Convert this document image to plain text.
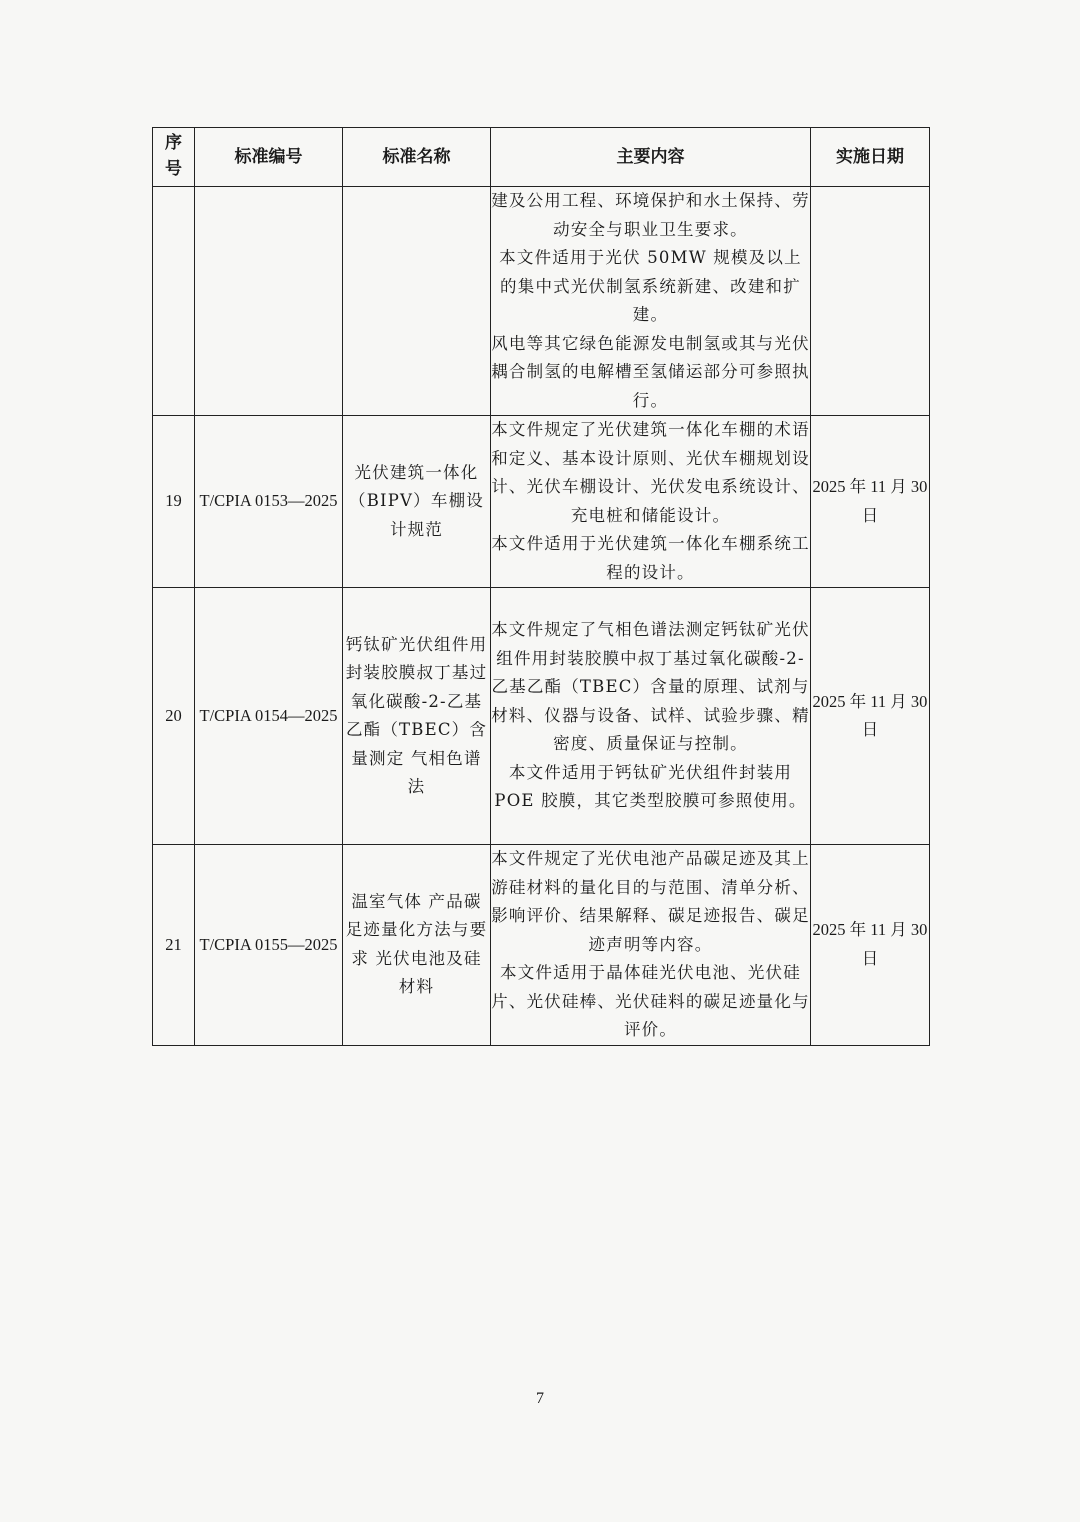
序号	标准编号	标准名称	主要内容	实施日期

			建及公用工程、环境保护和水土保持、劳动安全与职业卫生要求。

本文件适用于光伏 50MW 规模及以上的集中式光伏制氢系统新建、改建和扩建。

风电等其它绿色能源发电制氢或其与光伏耦合制氢的电解槽至氢储运部分可参照执行。	

19	T/CPIA 0153—2025	光伏建筑一体化（BIPV）车棚设计规范	本文件规定了光伏建筑一体化车棚的术语和定义、基本设计原则、光伏车棚规划设计、光伏车棚设计、光伏发电系统设计、充电桩和储能设计。

本文件适用于光伏建筑一体化车棚系统工程的设计。	2025 年 11 月 30 日
20	T/CPIA 0154—2025	钙钛矿光伏组件用封装胶膜叔丁基过氧化碳酸-2-乙基乙酯（TBEC）含量测定 气相色谱法	本文件规定了气相色谱法测定钙钛矿光伏组件用封装胶膜中叔丁基过氧化碳酸-2-乙基乙酯（TBEC）含量的原理、试剂与材料、仪器与设备、试样、试验步骤、精密度、质量保证与控制。

本文件适用于钙钛矿光伏组件封装用 POE 胶膜，其它类型胶膜可参照使用。	2025 年 11 月 30 日
21	T/CPIA 0155—2025	温室气体 产品碳足迹量化方法与要求 光伏电池及硅材料	本文件规定了光伏电池产品碳足迹及其上游硅材料的量化目的与范围、清单分析、影响评价、结果解释、碳足迹报告、碳足迹声明等内容。

本文件适用于晶体硅光伏电池、光伏硅片、光伏硅棒、光伏硅料的碳足迹量化与评价。	2025 年 11 月 30 日
7
